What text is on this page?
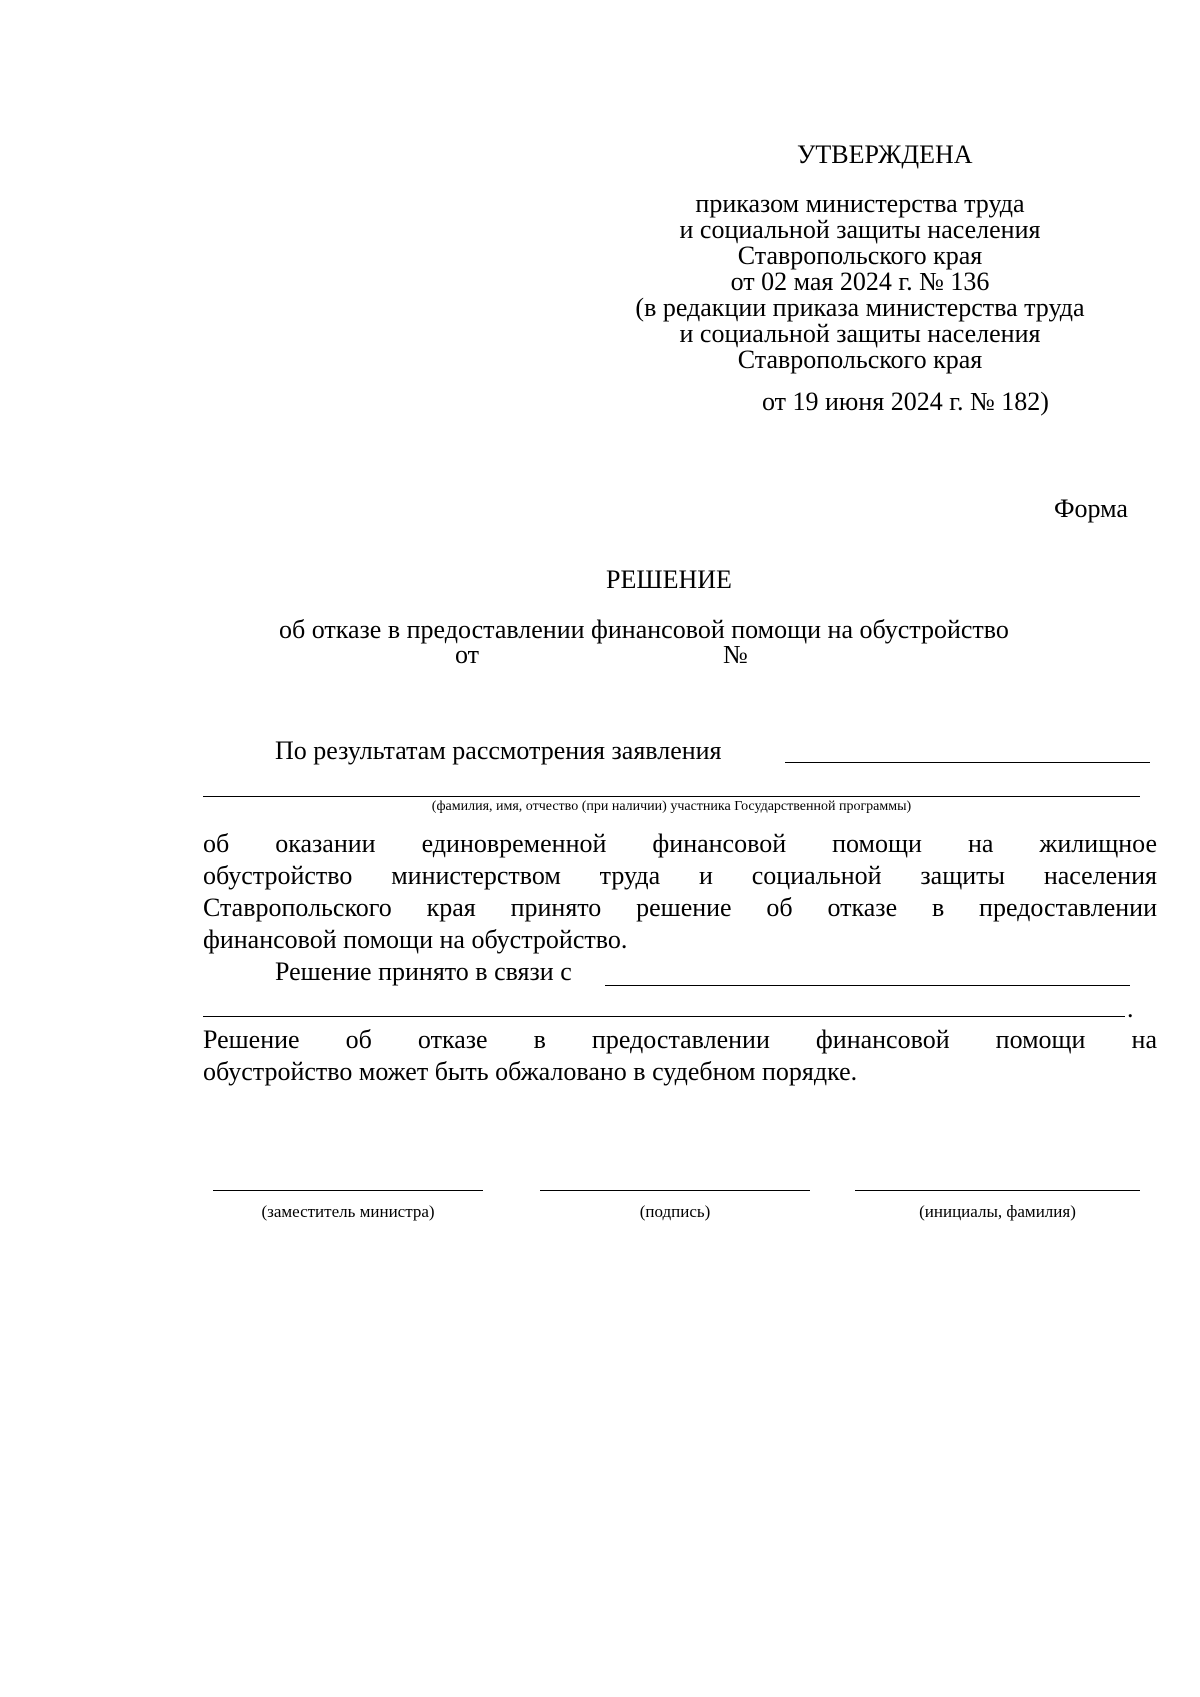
УТВЕРЖДЕНА
приказом министерства труда
и социальной защиты населения
Ставропольского края
от 02 мая 2024 г. № 136
(в редакции приказа министерства труда
и социальной защиты населения
Ставропольского края
от 19 июня 2024 г. № 182)
Форма
РЕШЕНИЕ
об отказе в предоставлении финансовой помощи на обустройство
от	№
По результатам рассмотрения заявления
(фамилия, имя, отчество (при наличии) участника Государственной программы)
об оказании единовременной финансовой помощи на жилищное
обустройство министерством труда и социальной защиты населения
Ставропольского края принято решение об отказе в предоставлении
финансовой помощи на обустройство.
Решение принято в связи с
.
Решение об отказе в предоставлении финансовой помощи на
обустройство может быть обжаловано в судебном порядке.
(заместитель министра)	(подпись)	(инициалы, фамилия)
